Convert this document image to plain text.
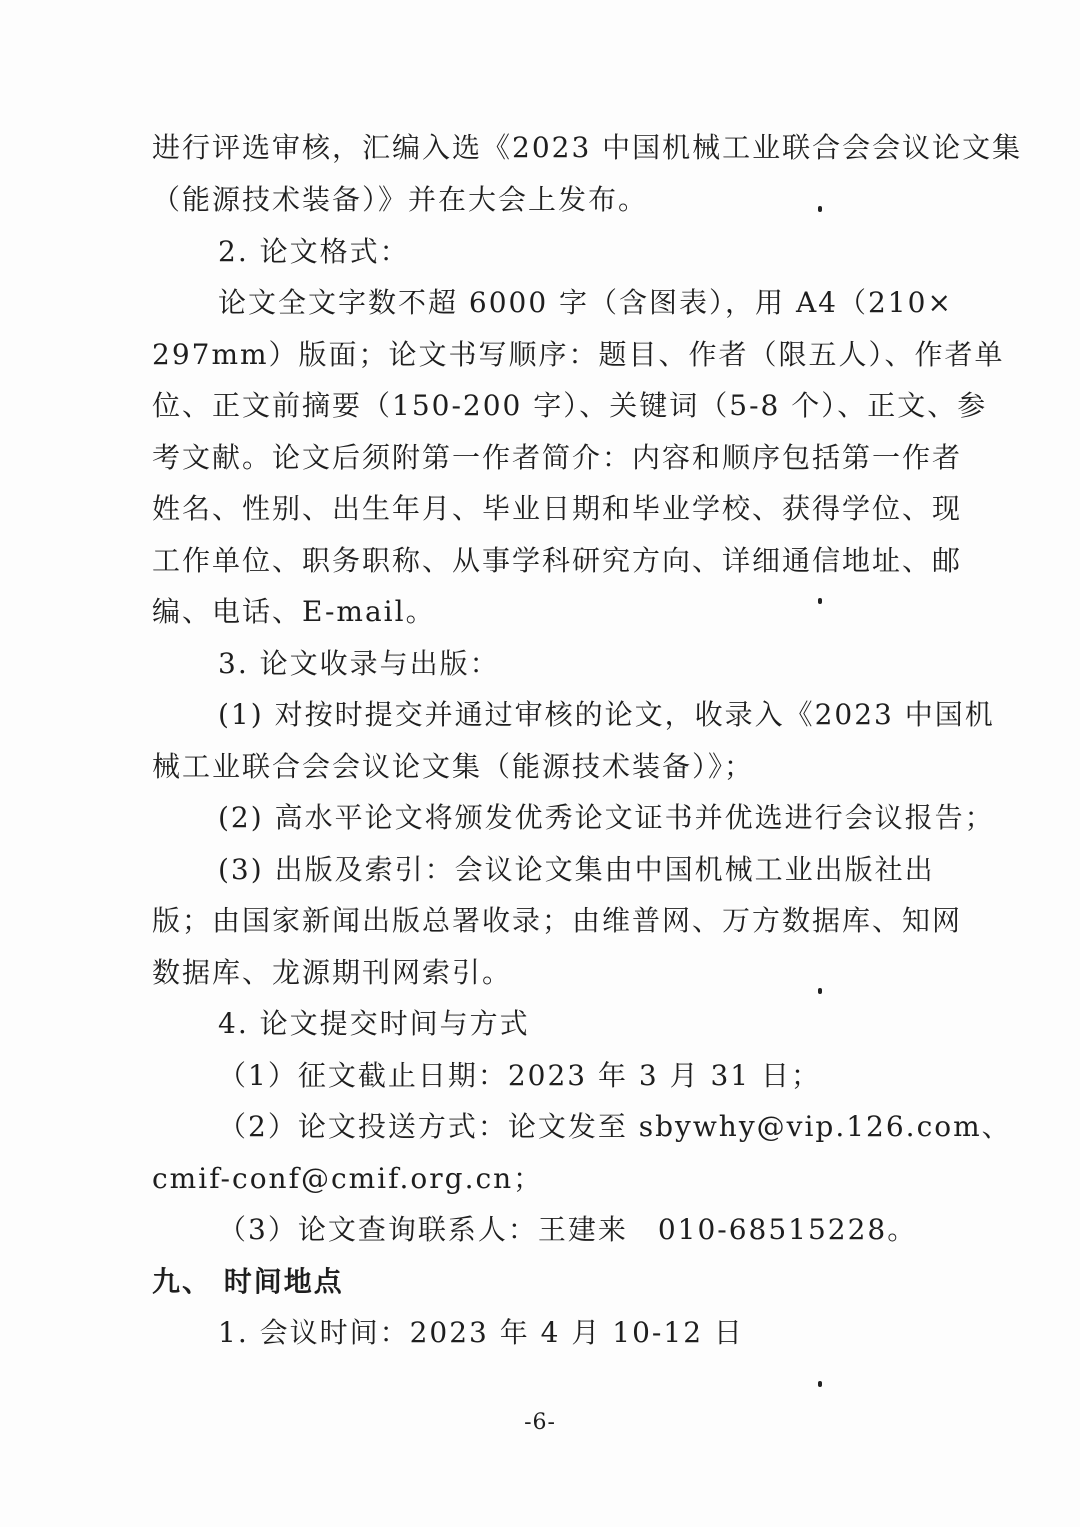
进行评选审核，汇编入选《2023 中国机械工业联合会会议论文集
（能源技术装备）》并在大会上发布。
2. 论文格式：
论文全文字数不超 6000 字（含图表），用 A4（210×
297mm）版面；论文书写顺序：题目、作者（限五人）、作者单
位、正文前摘要（150-200 字）、关键词（5-8 个）、正文、参
考文献。论文后须附第一作者简介：内容和顺序包括第一作者
姓名、性别、出生年月、毕业日期和毕业学校、获得学位、现
工作单位、职务职称、从事学科研究方向、详细通信地址、邮
编、电话、E-mail。
3. 论文收录与出版：
(1) 对按时提交并通过审核的论文，收录入《2023 中国机
械工业联合会会议论文集（能源技术装备）》；
(2) 高水平论文将颁发优秀论文证书并优选进行会议报告；
(3) 出版及索引：会议论文集由中国机械工业出版社出
版；由国家新闻出版总署收录；由维普网、万方数据库、知网
数据库、龙源期刊网索引。
4. 论文提交时间与方式
（1）征文截止日期：2023 年 3 月 31 日；
（2）论文投送方式：论文发至 sbywhy@vip.126.com、
cmif-conf@cmif.org.cn；
（3）论文查询联系人：王建来　010-68515228。
九、 时间地点
1. 会议时间：2023 年 4 月 10-12 日
-6-
